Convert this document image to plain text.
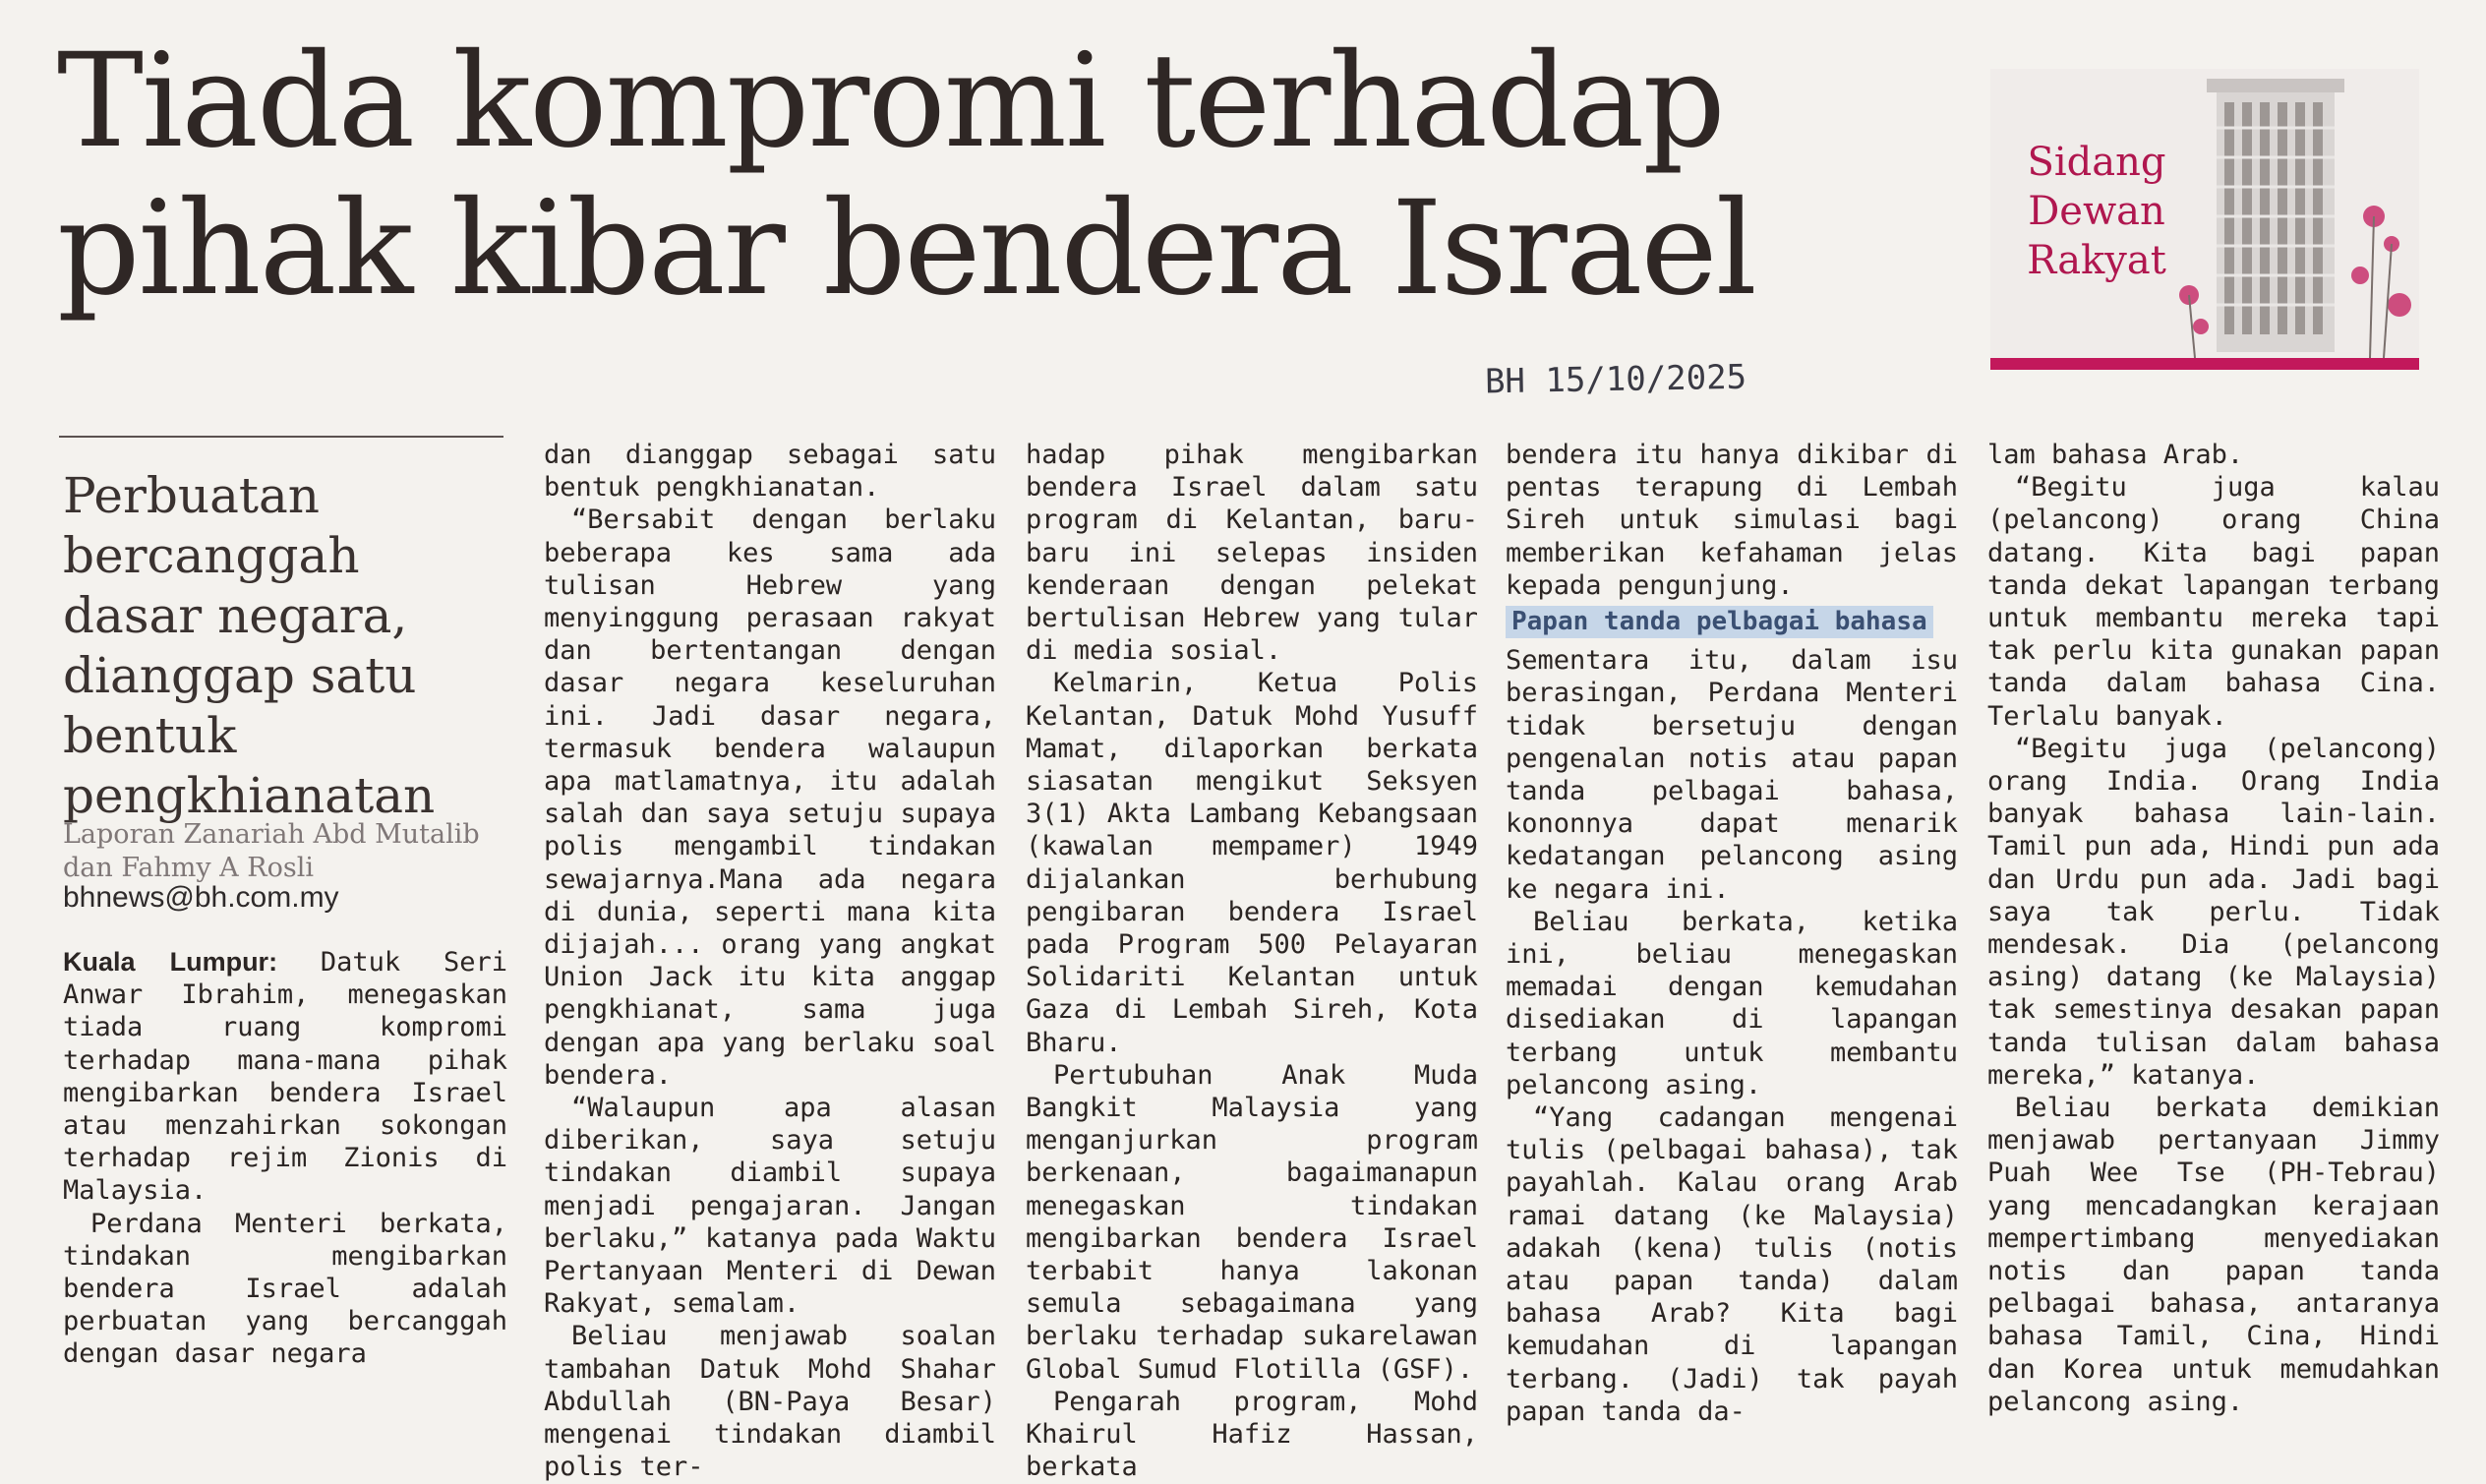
Tiada kompromi terhadap
pihak kibar bendera Israel
Sidang
Dewan
Rakyat
BH 15/10/2025
Perbuatan bercanggah dasar negara, dianggap satu bentuk pengkhianatan
Laporan Zanariah Abd Mutalib
dan Fahmy A Rosli
bhnews@bh.com.my

Kuala Lumpur: Datuk Seri Anwar Ibrahim, menegaskan tiada ruang kompromi terhadap mana-mana pihak mengibarkan bendera Israel atau menzahirkan sokongan terhadap rejim Zionis di Malaysia.

Perdana Menteri berkata, tindakan mengibarkan bendera Israel adalah perbuatan yang bercanggah dengan dasar negara

dan dianggap sebagai satu bentuk pengkhianatan.

“Bersabit dengan berlaku beberapa kes sama ada tulisan Hebrew yang menyinggung perasaan rakyat dan bertentangan dengan dasar negara keseluruhan ini. Jadi dasar negara, termasuk bendera walaupun apa matlamatnya, itu adalah salah dan saya setuju supaya polis mengambil tindakan sewajarnya.Mana ada negara di dunia, seperti mana kita dijajah... orang yang angkat Union Jack itu kita anggap pengkhianat, sama juga dengan apa yang berlaku soal bendera.

“Walaupun apa alasan diberikan, saya setuju tindakan diambil supaya menjadi pengajaran. Jangan berlaku,” katanya pada Waktu Pertanyaan Menteri di Dewan Rakyat, semalam.

Beliau menjawab soalan tambahan Datuk Mohd Shahar Abdullah (BN-Paya Besar) mengenai tindakan diambil polis ter-

hadap pihak mengibarkan bendera Israel dalam satu program di Kelantan, baru-baru ini selepas insiden kenderaan dengan pelekat bertulisan Hebrew yang tular di media sosial.

Kelmarin, Ketua Polis Kelantan, Datuk Mohd Yusuff Mamat, dilaporkan berkata siasatan mengikut Seksyen 3(1) Akta Lambang Kebangsaan (kawalan mempamer) 1949 dijalankan berhubung pengibaran bendera Israel pada Program 500 Pelayaran Solidariti Kelantan untuk Gaza di Lembah Sireh, Kota Bharu.

Pertubuhan Anak Muda Bangkit Malaysia yang menganjurkan program berkenaan, bagaimanapun menegaskan tindakan mengibarkan bendera Israel terbabit hanya lakonan semula sebagaimana yang berlaku terhadap sukarelawan Global Sumud Flotilla (GSF).

Pengarah program, Mohd Khairul Hafiz Hassan, berkata

bendera itu hanya dikibar di pentas terapung di Lembah Sireh untuk simulasi bagi memberikan kefahaman jelas kepada pengunjung.

Papan tanda pelbagai bahasa

Sementara itu, dalam isu berasingan, Perdana Menteri tidak bersetuju dengan pengenalan notis atau papan tanda pelbagai bahasa, kononnya dapat menarik kedatangan pelancong asing ke negara ini.

Beliau berkata, ketika ini, beliau menegaskan memadai dengan kemudahan disediakan di lapangan terbang untuk membantu pelancong asing.

“Yang cadangan mengenai tulis (pelbagai bahasa), tak payahlah. Kalau orang Arab ramai datang (ke Malaysia) adakah (kena) tulis (notis atau papan tanda) dalam bahasa Arab? Kita bagi kemudahan di lapangan terbang. (Jadi) tak payah papan tanda da-

lam bahasa Arab.

“Begitu juga kalau (pelancong) orang China datang. Kita bagi papan tanda dekat lapangan terbang untuk membantu mereka tapi tak perlu kita gunakan papan tanda dalam bahasa Cina. Terlalu banyak.

“Begitu juga (pelancong) orang India. Orang India banyak bahasa lain-lain. Tamil pun ada, Hindi pun ada dan Urdu pun ada. Jadi bagi saya tak perlu. Tidak mendesak. Dia (pelancong asing) datang (ke Malaysia) tak semestinya desakan papan tanda tulisan dalam bahasa mereka,” katanya.

Beliau berkata demikian menjawab pertanyaan Jimmy Puah Wee Tse (PH-Tebrau) yang mencadangkan kerajaan mempertimbang menyediakan notis dan papan tanda pelbagai bahasa, antaranya bahasa Tamil, Cina, Hindi dan Korea untuk memudahkan pelancong asing.
